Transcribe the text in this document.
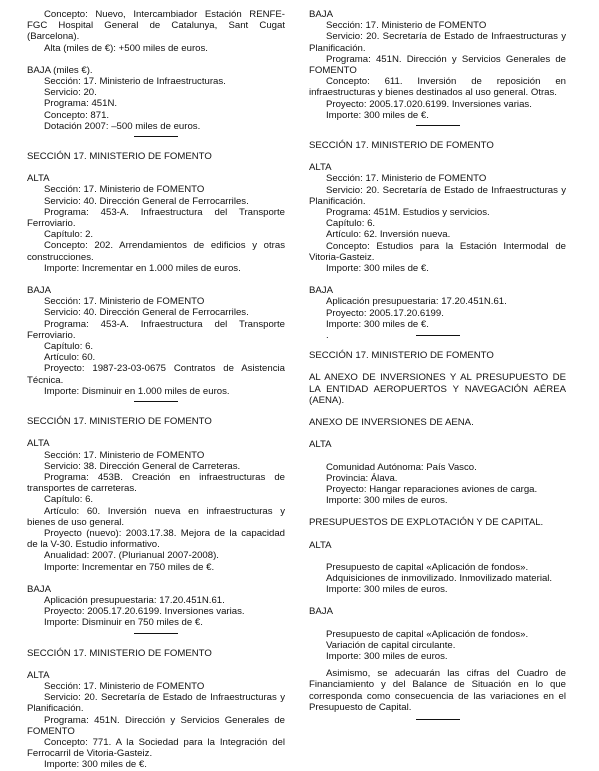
Concepto: Nuevo, Intercambiador Estación RENFE-FGC Hospital General de Catalunya, Sant Cugat (Barcelona).

Alta (miles de €): +500 miles de euros.

BAJA (miles €).

Sección: 17. Ministerio de Infraestructuras.

Servicio: 20.

Programa: 451N.

Concepto: 871.

Dotación 2007: –500 miles de euros.

SECCIÓN 17. MINISTERIO DE FOMENTO

ALTA

Sección: 17. Ministerio de FOMENTO

Servicio: 40. Dirección General de Ferrocarriles.

Programa: 453-A. Infraestructura del Transporte Ferroviario.

Capítulo: 2.

Concepto: 202. Arrendamientos de edificios y otras construcciones.

Importe: Incrementar en 1.000 miles de euros.

BAJA

Sección: 17. Ministerio de FOMENTO

Servicio: 40. Dirección General de Ferrocarriles.

Programa: 453-A. Infraestructura del Transporte Ferroviario.

Capítulo: 6.

Artículo: 60.

Proyecto: 1987-23-03-0675 Contratos de Asistencia Técnica.

Importe: Disminuir en 1.000 miles de euros.

SECCIÓN 17. MINISTERIO DE FOMENTO

ALTA

Sección: 17. Ministerio de FOMENTO

Servicio: 38. Dirección General de Carreteras.

Programa: 453B. Creación en infraestructuras de transportes de carreteras.

Capítulo: 6.

Artículo: 60. Inversión nueva en infraestructuras y bienes de uso general.

Proyecto (nuevo): 2003.17.38. Mejora de la capacidad de la V-30. Estudio informativo.

Anualidad: 2007. (Plurianual 2007-2008).

Importe: Incrementar en 750 miles de €.

BAJA

Aplicación presupuestaria: 17.20.451N.61.

Proyecto: 2005.17.20.6199. Inversiones varias.

Importe: Disminuir en 750 miles de €.

SECCIÓN 17. MINISTERIO DE FOMENTO

ALTA

Sección: 17. Ministerio de FOMENTO

Servicio: 20. Secretaría de Estado de Infraestructuras y Planificación.

Programa: 451N. Dirección y Servicios Generales de FOMENTO

Concepto: 771. A la Sociedad para la Integración del Ferrocarril de Vitoria-Gasteiz.

Importe: 300 miles de €.

BAJA

Sección: 17. Ministerio de FOMENTO

Servicio: 20. Secretaría de Estado de Infraestructuras y Planificación.

Programa: 451N. Dirección y Servicios Generales de FOMENTO

Concepto: 611. Inversión de reposición en infraestructuras y bienes destinados al uso general. Otras.

Proyecto: 2005.17.020.6199. Inversiones varias.

Importe: 300 miles de €.

SECCIÓN 17. MINISTERIO DE FOMENTO

ALTA

Sección: 17. Ministerio de FOMENTO

Servicio: 20. Secretaría de Estado de Infraestructuras y Planificación.

Programa: 451M. Estudios y servicios.

Capítulo: 6.

Artículo: 62. Inversión nueva.

Concepto: Estudios para la Estación Intermodal de Vitoria-Gasteiz.

Importe: 300 miles de €.

BAJA

Aplicación presupuestaria: 17.20.451N.61.

Proyecto: 2005.17.20.6199.

Importe: 300 miles de €.

.

SECCIÓN 17. MINISTERIO DE FOMENTO

AL ANEXO DE INVERSIONES Y AL PRESUPUESTO DE LA ENTIDAD AEROPUERTOS Y NAVEGACIÓN AÉREA (AENA).

ANEXO DE INVERSIONES DE AENA.

ALTA

Comunidad Autónoma: País Vasco.

Provincia: Álava.

Proyecto: Hangar reparaciones aviones de carga.

Importe: 300 miles de euros.

PRESUPUESTOS DE EXPLOTACIÓN Y DE CAPITAL.

ALTA

Presupuesto de capital «Aplicación de fondos».

Adquisiciones de inmovilizado. Inmovilizado material.

Importe: 300 miles de euros.

BAJA

Presupuesto de capital «Aplicación de fondos».

Variación de capital circulante.

Importe: 300 miles de euros.

Asimismo, se adecuarán las cifras del Cuadro de Financiamiento y del Balance de Situación en lo que corresponda como consecuencia de las variaciones en el Presupuesto de Capital.
